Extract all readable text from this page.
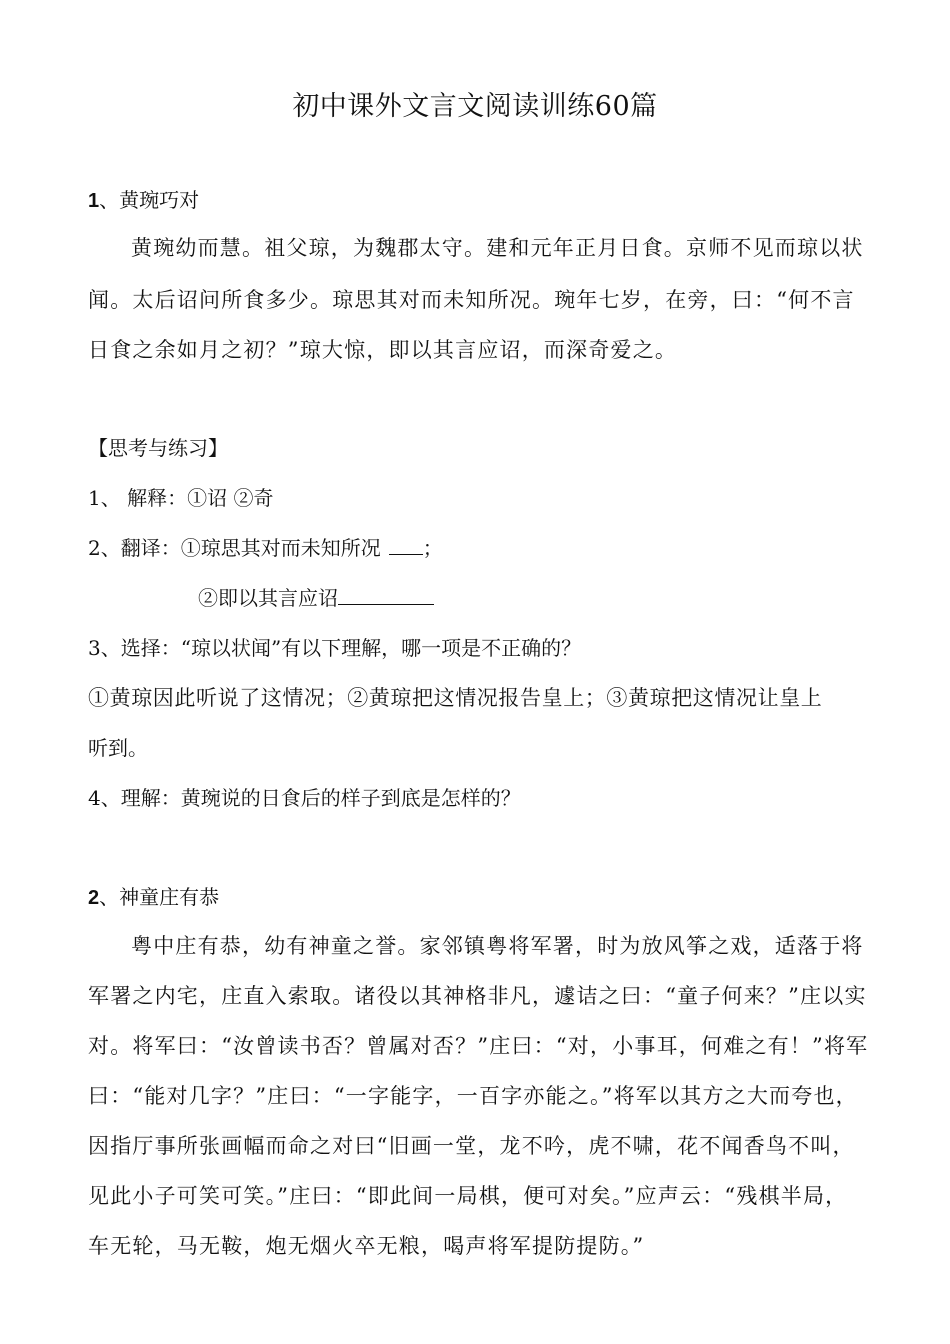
初中课外文言文阅读训练60篇
1、黄琬巧对

黄琬幼而慧。祖父琼，为魏郡太守。建和元年正月日食。京师不见而琼以状

闻。太后诏问所食多少。琼思其对而未知所况。琬年七岁，在旁，曰：“何不言

日食之余如月之初？”琼大惊，即以其言应诏，而深奇爱之。

【思考与练习】
1、 解释：①诏 ②奇
2、翻译：①琼思其对而未知所况 ；
②即以其言应诏
3、选择：“琼以状闻”有以下理解，哪一项是不正确的？
①黄琼因此听说了这情况；②黄琼把这情况报告皇上；③黄琼把这情况让皇上
听到。
4、理解：黄琬说的日食后的样子到底是怎样的？
2、神童庄有恭

粤中庄有恭，幼有神童之誉。家邻镇粤将军署，时为放风筝之戏，适落于将

军署之内宅，庄直入索取。诸役以其神格非凡，遽诘之曰：“童子何来？”庄以实

对。将军曰：“汝曾读书否？曾属对否？”庄曰：“对，小事耳，何难之有！”将军

曰：“能对几字？”庄曰：“一字能字，一百字亦能之。”将军以其方之大而夸也，

因指厅事所张画幅而命之对曰“旧画一堂，龙不吟，虎不啸，花不闻香鸟不叫，

见此小子可笑可笑。”庄曰：“即此间一局棋，便可对矣。”应声云：“残棋半局，

车无轮，马无鞍，炮无烟火卒无粮，喝声将军提防提防。”
